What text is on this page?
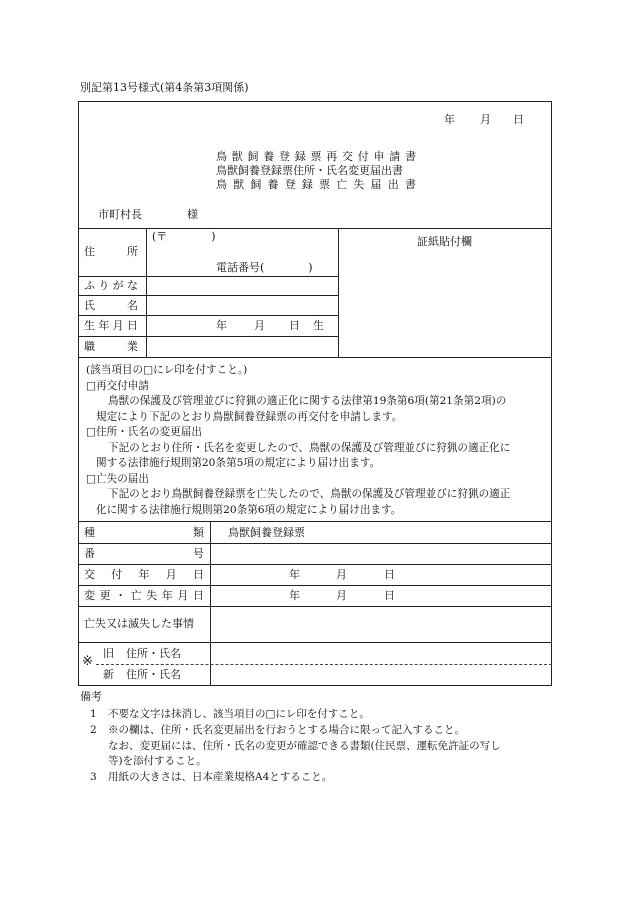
別記第13号様式(第4条第3項関係)
年 月 日
鳥 獣 飼 養 登 録 票 再 交 付 申 請 書
鳥獣飼養登録票住所・氏名変更届出書
鳥 獣 飼 養 登 録 票 亡 失 届 出 書
市町村長	様
住	所
(〒　　　　)
電話番号(　　　　)
ふ り が な
氏	名
生 年 月 日	年 月 日 生
職	業
証紙貼付欄
(該当項目の□にレ印を付すこと。)
□再交付申請
鳥獣の保護及び管理並びに狩猟の適正化に関する法律第19条第6項(第21条第2項)の
規定により下記のとおり鳥獣飼養登録票の再交付を申請します。
□住所・氏名の変更届出
下記のとおり住所・氏名を変更したので、鳥獣の保護及び管理並びに狩猟の適正化に
関する法律施行規則第20条第5項の規定により届け出ます。
□亡失の届出
下記のとおり鳥獣飼養登録票を亡失したので、鳥獣の保護及び管理並びに狩猟の適正
化に関する法律施行規則第20条第6項の規定により届け出ます。
種	類 鳥獣飼養登録票
番	号
交 付 年 月 日	年	月	日
変 更 ・ 亡 失 年 月 日	年	月	日
亡失又は滅失した事情
※
旧 住所・氏名
新 住所・氏名
備考
1 不要な文字は抹消し、該当項目の□にレ印を付すこと。
2 ※の欄は、住所・氏名変更届出を行おうとする場合に限って記入すること。
なお、変更届には、住所・氏名の変更が確認できる書類(住民票、運転免許証の写し
等)を添付すること。
3 用紙の大きさは、日本産業規格A4とすること。
